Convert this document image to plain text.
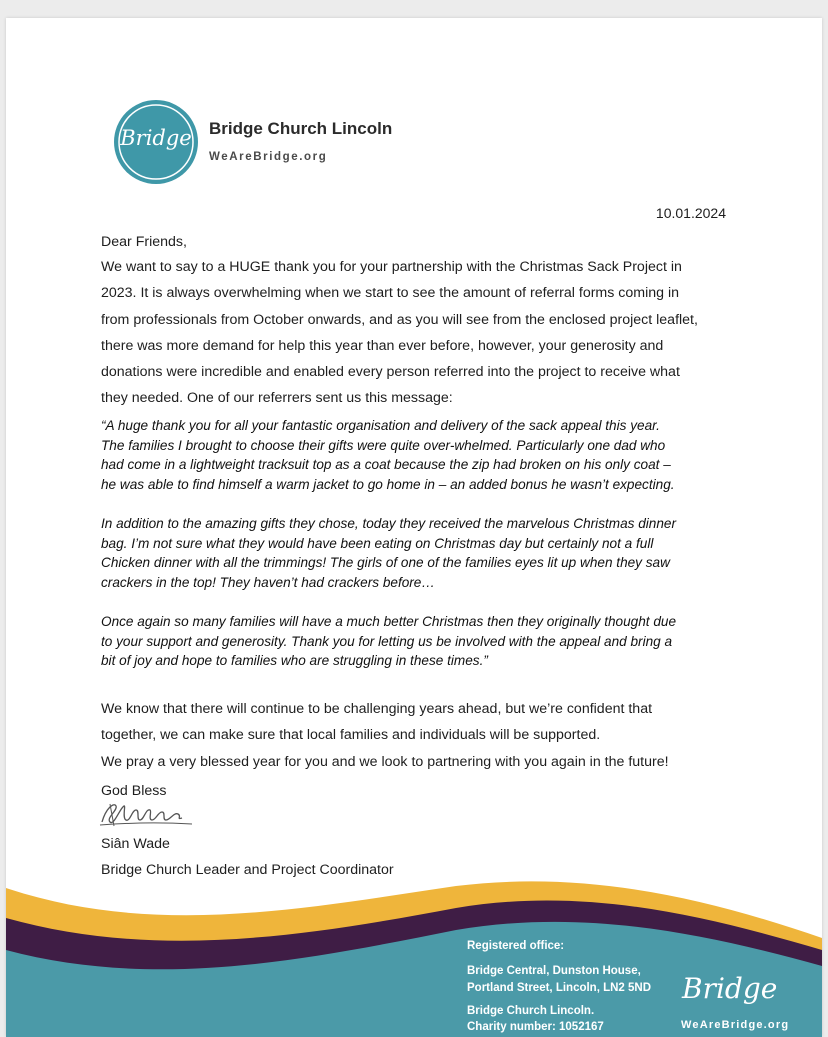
Bridge	Bridge Church Lincoln
WeAreBridge.org
10.01.2024

Dear Friends,

We want to say to a HUGE thank you for your partnership with the Christmas Sack Project in

2023. It is always overwhelming when we start to see the amount of referral forms coming in

from professionals from October onwards, and as you will see from the enclosed project leaflet,

there was more demand for help this year than ever before, however, your generosity and

donations were incredible and enabled every person referred into the project to receive what

they needed. One of our referrers sent us this message:

“A huge thank you for all your fantastic organisation and delivery of the sack appeal this year.

The families I brought to choose their gifts were quite over-whelmed. Particularly one dad who

had come in a lightweight tracksuit top as a coat because the zip had broken on his only coat –

he was able to find himself a warm jacket to go home in – an added bonus he wasn’t expecting.

In addition to the amazing gifts they chose, today they received the marvelous Christmas dinner

bag. I’m not sure what they would have been eating on Christmas day but certainly not a full

Chicken dinner with all the trimmings! The girls of one of the families eyes lit up when they saw

crackers in the top! They haven’t had crackers before…

Once again so many families will have a much better Christmas then they originally thought due

to your support and generosity. Thank you for letting us be involved with the appeal and bring a

bit of joy and hope to families who are struggling in these times.”

We know that there will continue to be challenging years ahead, but we’re confident that

together, we can make sure that local families and individuals will be supported.

We pray a very blessed year for you and we look to partnering with you again in the future!

God Bless

Siân Wade

Bridge Church Leader and Project Coordinator

Registered office:
Bridge Central, Dunston House,
Portland Street, Lincoln, LN2 5ND
Bridge Church Lincoln.
Charity number: 1052167
Bridge
WeAreBridge.org
